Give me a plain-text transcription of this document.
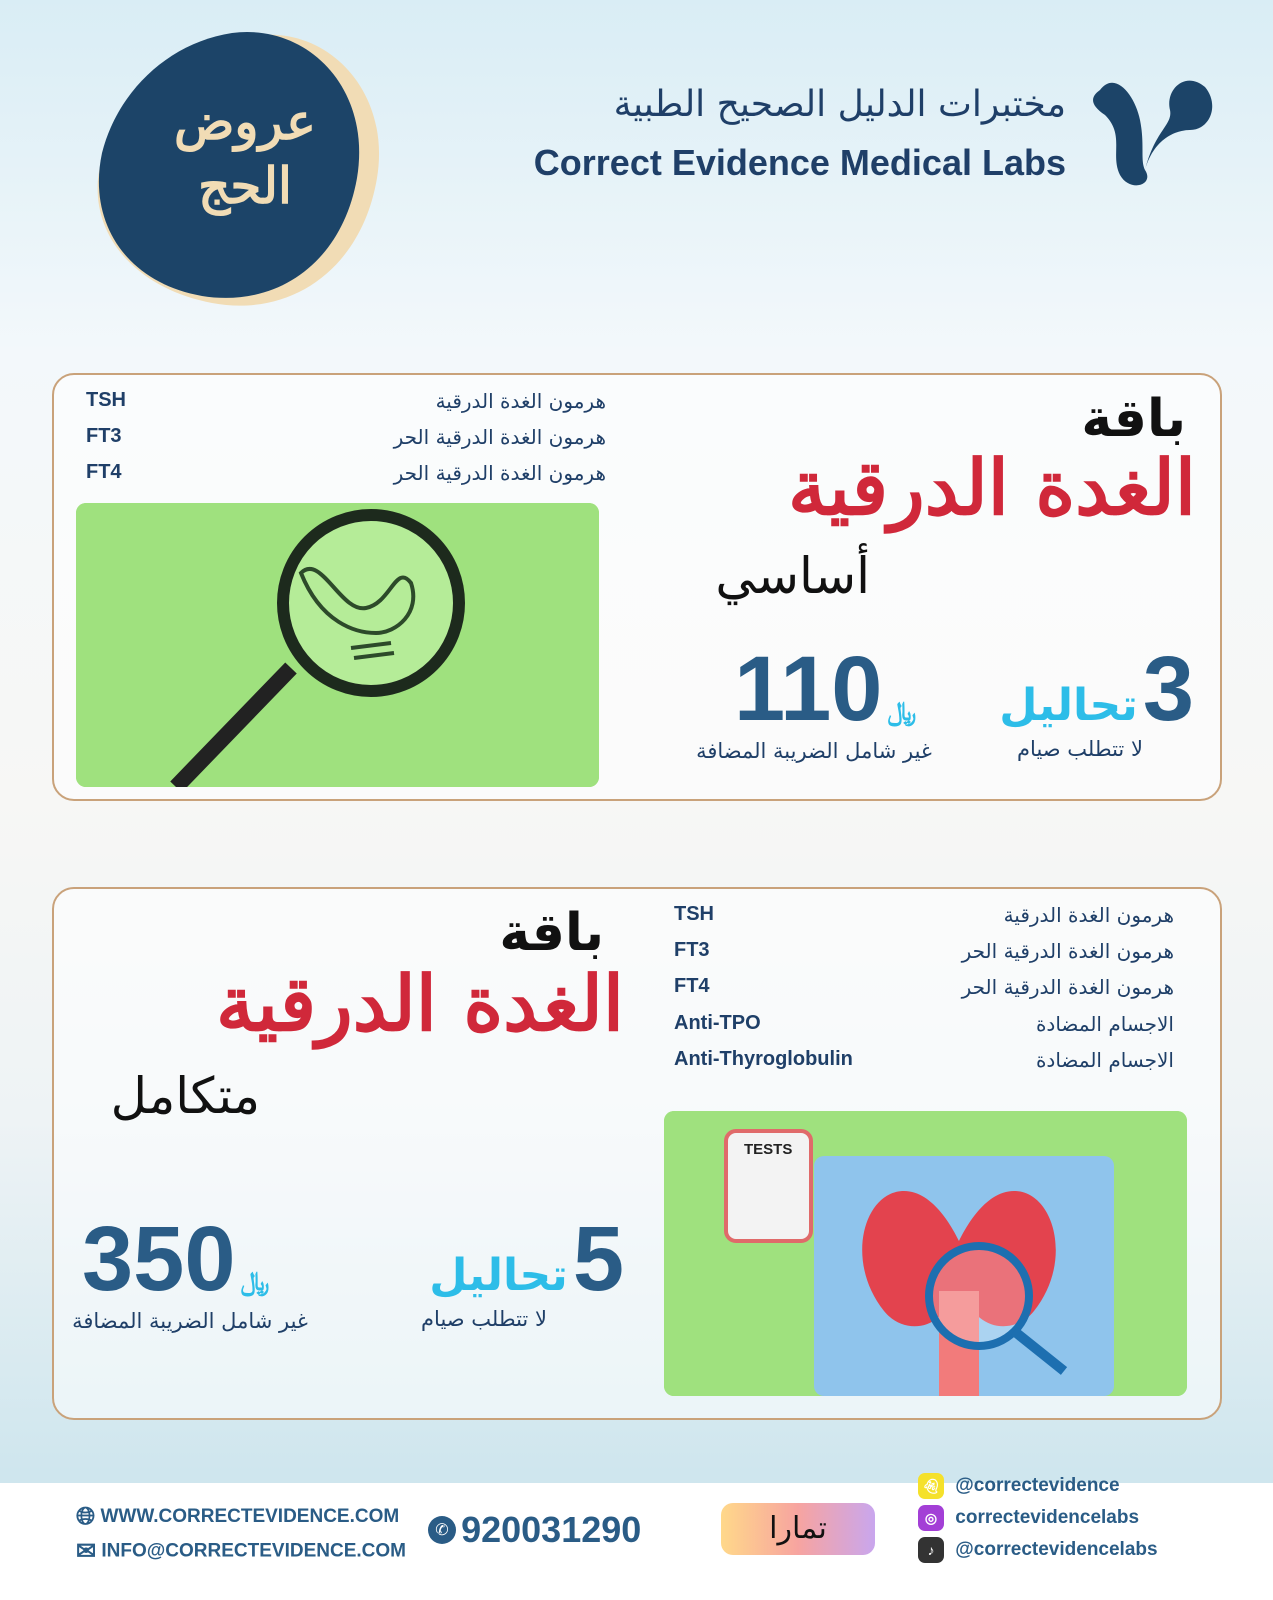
عروض الحج
مختبرات الدليل الصحيح الطبية
Correct Evidence Medical Labs
TSH	هرمون الغدة الدرقية
FT3	هرمون الغدة الدرقية الحر
FT4	هرمون الغدة الدرقية الحر
باقة
الغدة الدرقية
أساسي
3 تحاليل
لا تتطلب صيام
﷼ 110
غير شامل الضريبة المضافة
TSH	هرمون الغدة الدرقية
FT3	هرمون الغدة الدرقية الحر
FT4	هرمون الغدة الدرقية الحر
Anti-TPO	الاجسام المضادة
Anti-Thyroglobulin	الاجسام المضادة
TESTS
باقة
الغدة الدرقية
متكامل
5 تحاليل
لا تتطلب صيام
﷼ 350
غير شامل الضريبة المضافة
🌐︎ WWW.CORRECTEVIDENCE.COM
✉ INFO@CORRECTEVIDENCE.COM
✆ 920031290	تمارا
👻︎ @correctevidence
◎ correctevidencelabs
♪ @correctevidencelabs
